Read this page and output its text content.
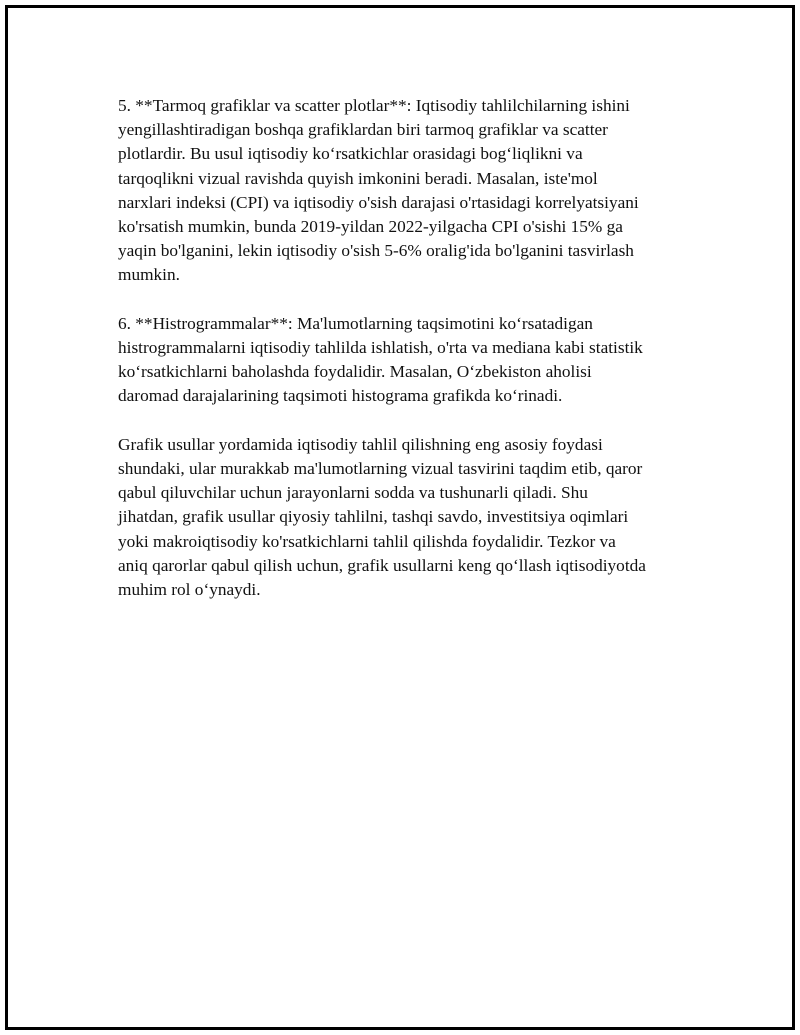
5. **Tarmoq grafiklar va scatter plotlar**: Iqtisodiy tahlilchilarning ishini
yengillashtiradigan boshqa grafiklardan biri tarmoq grafiklar va scatter
plotlardir. Bu usul iqtisodiy ko‘rsatkichlar orasidagi bog‘liqlikni va
tarqoqlikni vizual ravishda quyish imkonini beradi. Masalan, iste'mol
narxlari indeksi (CPI) va iqtisodiy o'sish darajasi o'rtasidagi korrelyatsiyani
ko'rsatish mumkin, bunda 2019-yildan 2022-yilgacha CPI o'sishi 15% ga
yaqin bo'lganini, lekin iqtisodiy o'sish 5-6% oralig'ida bo'lganini tasvirlash
mumkin.

6. **Histrogrammalar**: Ma'lumotlarning taqsimotini ko‘rsatadigan
histrogrammalarni iqtisodiy tahlilda ishlatish, o'rta va mediana kabi statistik
ko‘rsatkichlarni baholashda foydalidir. Masalan, O‘zbekiston aholisi
daromad darajalarining taqsimoti histograma grafikda ko‘rinadi.

Grafik usullar yordamida iqtisodiy tahlil qilishning eng asosiy foydasi
shundaki, ular murakkab ma'lumotlarning vizual tasvirini taqdim etib, qaror
qabul qiluvchilar uchun jarayonlarni sodda va tushunarli qiladi. Shu
jihatdan, grafik usullar qiyosiy tahlilni, tashqi savdo, investitsiya oqimlari
yoki makroiqtisodiy ko'rsatkichlarni tahlil qilishda foydalidir. Tezkor va
aniq qarorlar qabul qilish uchun, grafik usullarni keng qo‘llash iqtisodiyotda
muhim rol o‘ynaydi.
